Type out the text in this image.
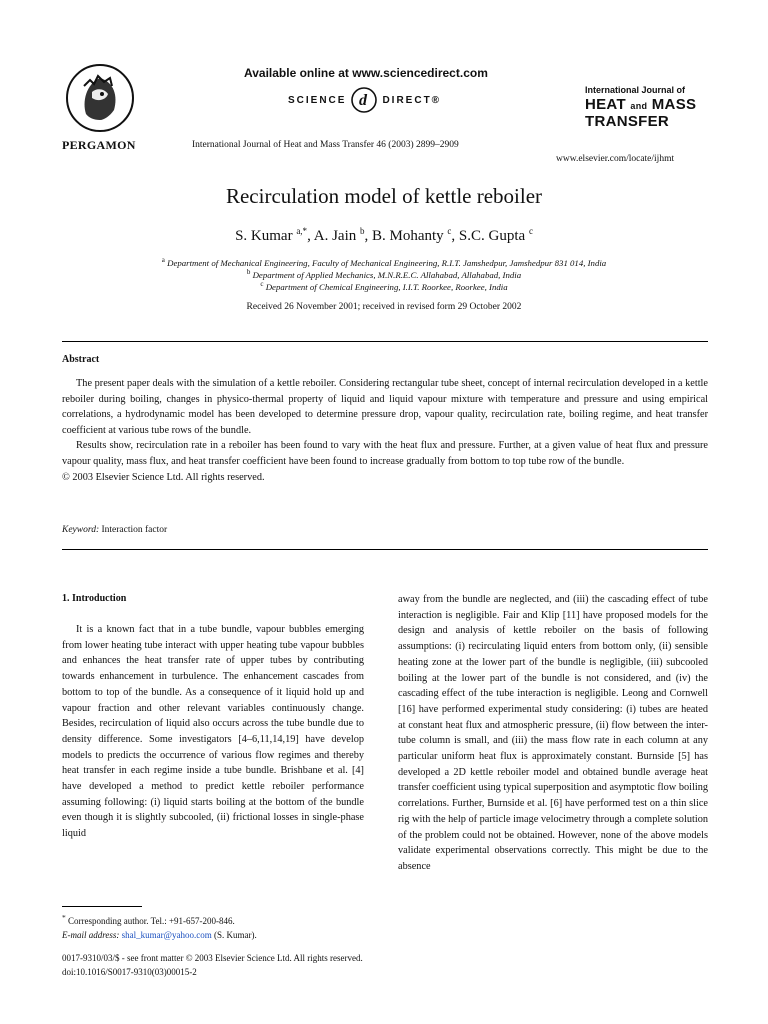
PERGAMON
Available online at www.sciencedirect.com
SCIENCE d DIRECT®
International Journal of Heat and Mass Transfer 46 (2003) 2899–2909
International Journal of
HEAT and MASS
TRANSFER
www.elsevier.com/locate/ijhmt
Recirculation model of kettle reboiler
S. Kumar $^{a,*}$, A. Jain $^b$, B. Mohanty $^c$, S.C. Gupta $^c$
$^a$ Department of Mechanical Engineering, Faculty of Mechanical Engineering, R.I.T. Jamshedpur, Jamshedpur 831 014, India
$^b$ Department of Applied Mechanics, M.N.R.E.C. Allahabad, Allahabad, India
$^c$ Department of Chemical Engineering, I.I.T. Roorkee, Roorkee, India
Received 26 November 2001; received in revised form 29 October 2002
Abstract

The present paper deals with the simulation of a kettle reboiler. Considering rectangular tube sheet, concept of internal recirculation developed in a kettle reboiler during boiling, changes in physico-thermal property of liquid and liquid vapour mixture with temperature and pressure and using empirical correlations, a hydrodynamic model has been developed to determine pressure drop, vapour quality, recirculation rate, boiling regime, and heat transfer coefficient at various tube rows of the bundle.

Results show, recirculation rate in a reboiler has been found to vary with the heat flux and pressure. Further, at a given value of heat flux and pressure vapour quality, mass flux, and heat transfer coefficient have been found to increase gradually from bottom to top tube row of the bundle.

© 2003 Elsevier Science Ltd. All rights reserved.

Keyword: Interaction factor
1. Introduction

It is a known fact that in a tube bundle, vapour bubbles emerging from lower heating tube interact with upper heating tube vapour bubbles and enhances the heat transfer rate of upper tubes by contributing towards enhancement in turbulence. The enhancement cascades from bottom to top of the bundle. As a consequence of it liquid hold up and vapour fraction and other relevant variables continuously change. Besides, recirculation of liquid also occurs across the tube bundle due to density difference. Some investigators [4–6,11,14,19] have develop models to predicts the occurrence of various flow regimes and thereby heat transfer in each regime inside a tube bundle. Brishbane et al. [4] have developed a method to predict kettle reboiler performance assuming following: (i) liquid starts boiling at the bottom of the bundle even though it is slightly subcooled, (ii) frictional losses in single-phase liquid

away from the bundle are neglected, and (iii) the cascading effect of tube interaction is negligible. Fair and Klip [11] have proposed models for the design and analysis of kettle reboiler on the basis of following assumptions: (i) recirculating liquid enters from bottom only, (ii) sensible heating zone at the lower part of the bundle is negligible, (iii) subcooled boiling at the lower part of the bundle is not considered, and (iv) the cascading effect of the tube interaction is negligible. Leong and Cornwell [16] have performed experimental study considering: (i) tubes are heated at constant heat flux and atmospheric pressure, (ii) flow between the inter-tube column is small, and (iii) the mass flow rate in each column at any particular uniform heat flux is approximately constant. Burnside [5] has developed a 2D kettle reboiler model and obtained bundle average heat transfer coefficient using typical superposition and asymptotic flow boiling correlations. Further, Burnside et al. [6] have performed test on a thin slice rig with the help of particle image velocimetry through a complete solution of the problem could not be obtained. However, none of the above models validate experimental observations correctly. This might be due to the absence

* Corresponding author. Tel.: +91-657-200-846.
E-mail address: shal_kumar@yahoo.com (S. Kumar).
0017-9310/03/$ - see front matter © 2003 Elsevier Science Ltd. All rights reserved.
doi:10.1016/S0017-9310(03)00015-2
